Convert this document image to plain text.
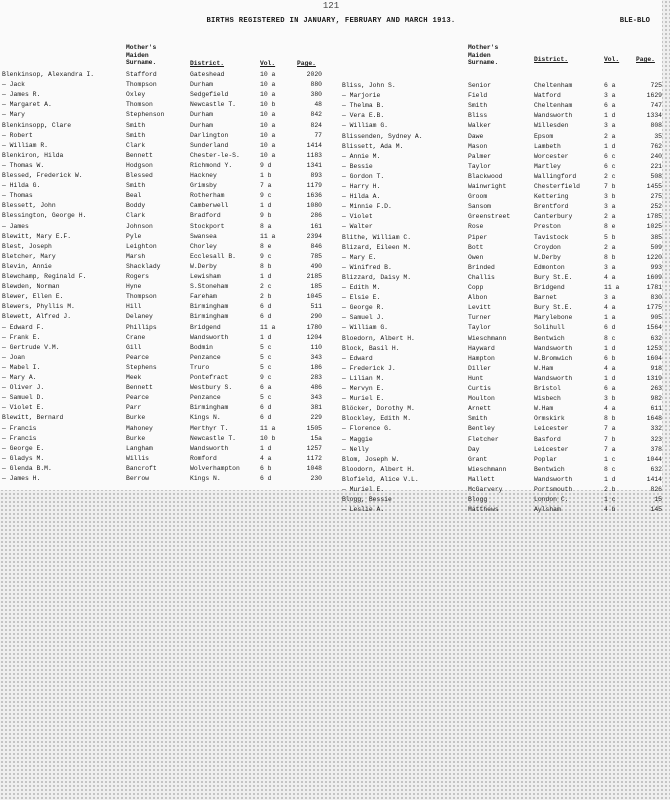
121
BIRTHS REGISTERED IN JANUARY, FEBRUARY AND MARCH 1913.	BLE-BLO
Mother's Maiden Surname.	District.	Vol.	Page.
Blenkinsop, Alexandra I.	Stafford	Gateshead	10 a	2020
— Jack	Thompson	Durham	10 a	880
— James R.	Oxley	Sedgefield	10 a	380
— Margaret A.	Thomson	Newcastle T.	10 b	48
— Mary	Stephenson	Durham	10 a	842
Blenkinsopp, Clare	Smith	Durham	10 a	824
— Robert	Smith	Darlington	10 a	77
— William R.	Clark	Sunderland	10 a	1414
Blenkiron, Hilda	Bennett	Chester-le-S.	10 a	1183
— Thomas W.	Hodgson	Richmond Y.	9 d	1341
Blessed, Frederick W.	Blessed	Hackney	1 b	893
— Hilda G.	Smith	Grimsby	7 a	1179
— Thomas	Beal	Rotherham	9 c	1636
Blessett, John	Boddy	Camberwell	1 d	1080
Blessington, George H.	Clark	Bradford	9 b	286
— James	Johnson	Stockport	8 a	161
Blewitt, Mary E.F.	Pyle	Swansea	11 a	2394
Blest, Joseph	Leighton	Chorley	8 e	846
Bletcher, Mary	Marsh	Ecclesall B.	9 c	785
Blevin, Annie	Shacklady	W.Derby	8 b	490
Blewchamp, Reginald F.	Rogers	Lewisham	1 d	2185
Blewden, Norman	Hyne	S.Stoneham	2 c	185
Blewer, Ellen E.	Thompson	Fareham	2 b	1045
Blewers, Phyllis M.	Hill	Birmingham	6 d	511
Blewett, Alfred J.	Delaney	Birmingham	6 d	290
— Edward F.	Phillips	Bridgend	11 a	1780
— Frank E.	Crane	Wandsworth	1 d	1204
— Gertrude V.M.	Gill	Bodmin	5 c	110
— Joan	Pearce	Penzance	5 c	343
— Mabel I.	Stephens	Truro	5 c	186
— Mary A.	Meek	Pontefract	9 c	283
— Oliver J.	Bennett	Westbury S.	6 a	486
— Samuel D.	Pearce	Penzance	5 c	343
— Violet E.	Parr	Birmingham	6 d	381
Blewitt, Bernard	Burke	Kings N.	6 d	229
— Francis	Mahoney	Merthyr T.	11 a	1505
— Francis	Burke	Newcastle T.	10 b	15a
— George E.	Langham	Wandsworth	1 d	1257
— Gladys M.	Willis	Romford	4 a	1172
— Glenda B.M.	Bancroft	Wolverhampton	6 b	1048
— James H.	Berrow	Kings N.	6 d	230
Mother's Maiden Surname.	District.	Vol.	Page.
Bliss, John S.	Senior	Cheltenham	6 a	725
— Marjorie	Field	Watford	3 a	1629
— Thelma B.	Smith	Cheltenham	6 a	747
— Vera E.B.	Bliss	Wandsworth	1 d	1334
— William G.	Walker	Willesden	3 a	808
Blissenden, Sydney A.	Dawe	Epsom	2 a	35
Blissett, Ada M.	Mason	Lambeth	1 d	762
— Annie M.	Palmer	Worcester	6 c	240
— Bessie	Taylor	Martley	6 c	221
— Gordon T.	Blackwood	Wallingford	2 c	508
— Harry H.	Wainwright	Chesterfield	7 b	1455
— Hilda A.	Groom	Kettering	3 b	275
— Minnie F.D.	Sansom	Brentford	3 a	252
— Violet	Greenstreet	Canterbury	2 a	1785
— Walter	Rose	Preston	8 e	1025
Blithe, William C.	Piper	Tavistock	5 b	385
Blizard, Eileen M.	Bott	Croydon	2 a	509
— Mary E.	Owen	W.Derby	8 b	1220
— Winifred B.	Brinded	Edmonton	3 a	993
Blizzard, Daisy M.	Challis	Bury St.E.	4 a	1609
— Edith M.	Copp	Bridgend	11 a	1781
— Elsie E.	Albon	Barnet	3 a	830
— George R.	Levitt	Bury St.E.	4 a	1775
— Samuel J.	Turner	Marylebone	1 a	905
— William G.	Taylor	Solihull	6 d	1564
Bloedorn, Albert H.	Wieschmann	Bentwich	8 c	632
Block, Basil H.	Hayward	Wandsworth	1 d	1253
— Edward	Hampton	W.Bromwich	6 b	1604
— Frederick J.	Diller	W.Ham	4 a	918
— Lilian M.	Hunt	Wandsworth	1 d	1319
— Mervyn E.	Curtis	Bristol	6 a	263
— Muriel E.	Moulton	Wisbech	3 b	982
Blöcker, Dorothy M.	Arnett	W.Ham	4 a	611
Blockley, Edith M.	Smith	Ormskirk	8 b	1648
— Florence G.	Bentley	Leicester	7 a	332
— Maggie	Fletcher	Basford	7 b	323
— Nelly	Day	Leicester	7 a	378
Blom, Joseph W.	Grant	Poplar	1 c	1044
Bloodorn, Albert H.	Wieschmann	Bentwich	8 c	632
Blofield, Alice V.L.	Mallett	Wandsworth	1 d	1414
— Muriel E.	McGarvery	Portsmouth	2 b	826
Blogg, Bessie	Blogg	London C.	1 c	15
— Leslie A.	Matthews	Aylsham	4 b	145
